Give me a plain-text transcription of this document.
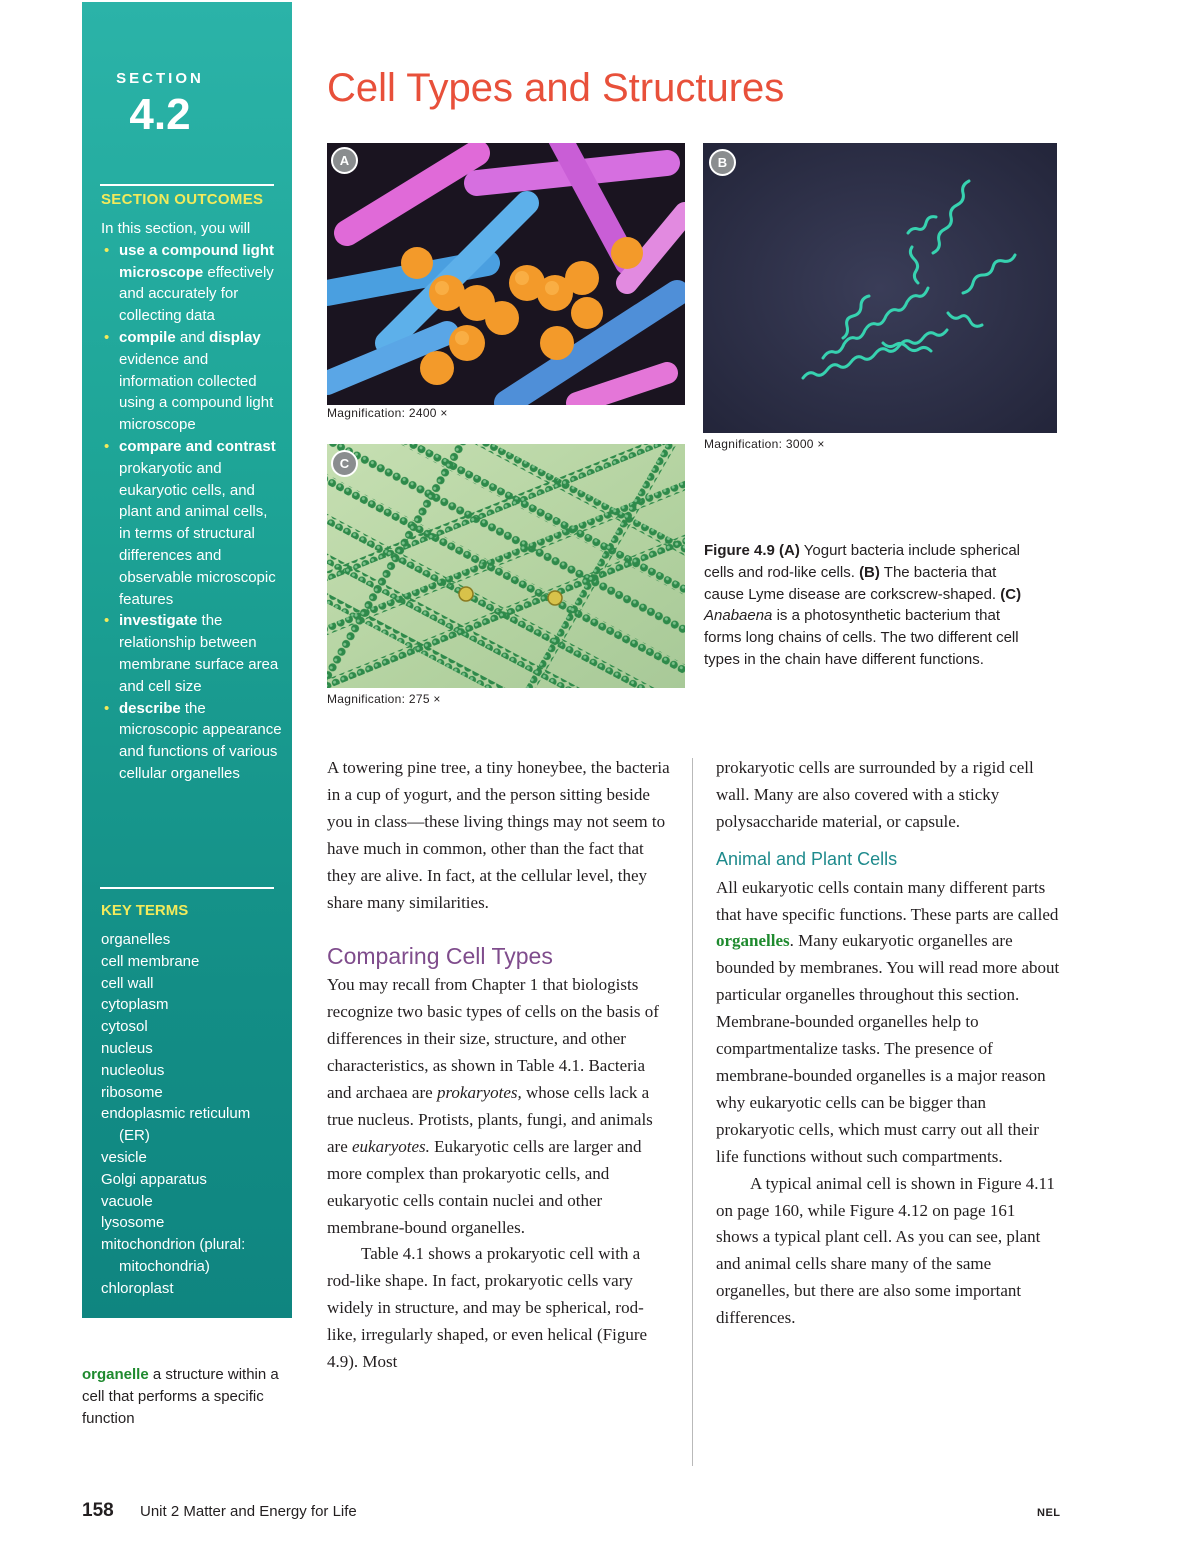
SECTION
4.2
SECTION OUTCOMES
In this section, you will
• use a compound light microscope effectively and accurately for collecting data
• compile and display evidence and information collected using a compound light microscope
• compare and contrast prokaryotic and eukaryotic cells, and plant and animal cells, in terms of structural differences and observable microscopic features
• investigate the relationship between membrane surface area and cell size
• describe the microscopic appearance and functions of various cellular organelles
KEY TERMS
organelles
cell membrane
cell wall
cytoplasm
cytosol
nucleus
nucleolus
ribosome
endoplasmic reticulum (ER)
vesicle
Golgi apparatus
vacuole
lysosome
mitochondrion (plural: mitochondria)
chloroplast
organelle a structure within a cell that performs a specific function
Cell Types and Structures
A
Magnification: 2400 ×
B
Magnification: 3000 ×
C
Magnification: 275 ×
Figure 4.9 (A) Yogurt bacteria include spherical cells and rod-like cells. (B) The bacteria that cause Lyme disease are corkscrew-shaped. (C) Anabaena is a photosynthetic bacterium that forms long chains of cells. The two different cell types in the chain have different functions.

A towering pine tree, a tiny honeybee, the bacteria in a cup of yogurt, and the person sitting beside you in class—these living things may not seem to have much in common, other than the fact that they are alive. In fact, at the cellular level, they share many similarities.

Comparing Cell Types

You may recall from Chapter 1 that biologists recognize two basic types of cells on the basis of differences in their size, structure, and other characteristics, as shown in Table 4.1. Bacteria and archaea are prokaryotes, whose cells lack a true nucleus. Protists, plants, fungi, and animals are eukaryotes. Eukaryotic cells are larger and more complex than prokaryotic cells, and eukaryotic cells contain nuclei and other membrane-bound organelles.

Table 4.1 shows a prokaryotic cell with a rod-like shape. In fact, prokaryotic cells vary widely in structure, and may be spherical, rod-like, irregularly shaped, or even helical (Figure 4.9). Most

prokaryotic cells are surrounded by a rigid cell wall. Many are also covered with a sticky polysaccharide material, or capsule.

Animal and Plant Cells

All eukaryotic cells contain many different parts that have specific functions. These parts are called organelles. Many eukaryotic organelles are bounded by membranes. You will read more about particular organelles throughout this section. Membrane-bounded organelles help to compartmentalize tasks. The presence of membrane-bounded organelles is a major reason why eukaryotic cells can be bigger than prokaryotic cells, which must carry out all their life functions without such compartments.

A typical animal cell is shown in Figure 4.11 on page 160, while Figure 4.12 on page 161 shows a typical plant cell. As you can see, plant and animal cells share many of the same organelles, but there are also some important differences.

158 Unit 2 Matter and Energy for Life	NEL
